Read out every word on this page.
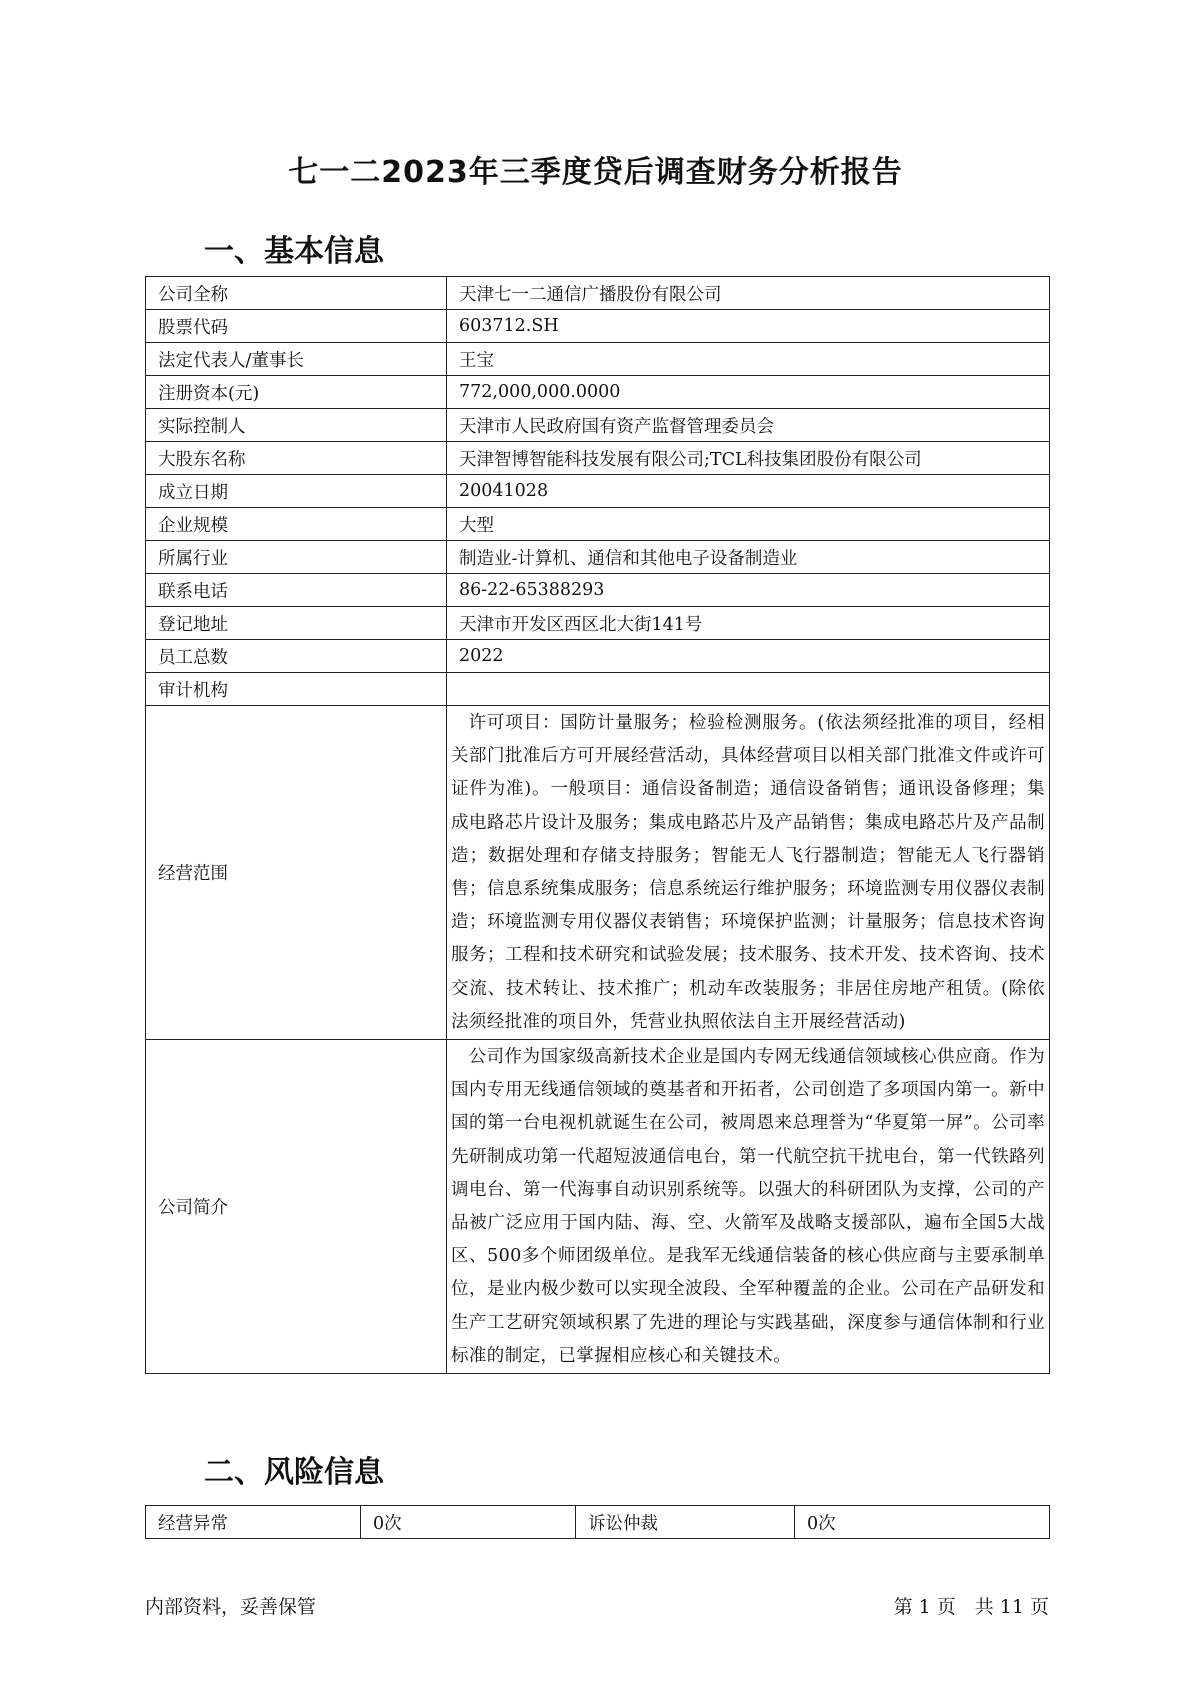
七一二2023年三季度贷后调查财务分析报告
一、基本信息
公司全称	天津七一二通信广播股份有限公司
股票代码	603712.SH
法定代表人/董事长	王宝
注册资本(元)	772,000,000.0000
实际控制人	天津市人民政府国有资产监督管理委员会
大股东名称	天津智博智能科技发展有限公司;TCL科技集团股份有限公司
成立日期	20041028
企业规模	大型
所属行业	制造业-计算机、通信和其他电子设备制造业
联系电话	86-22-65388293
登记地址	天津市开发区西区北大街141号
员工总数	2022
审计机构	
经营范围	许可项目：国防计量服务；检验检测服务。(依法须经批准的项目，经相关部门批准后方可开展经营活动，具体经营项目以相关部门批准文件或许可证件为准)。一般项目：通信设备制造；通信设备销售；通讯设备修理；集成电路芯片设计及服务；集成电路芯片及产品销售；集成电路芯片及产品制造；数据处理和存储支持服务；智能无人飞行器制造；智能无人飞行器销售；信息系统集成服务；信息系统运行维护服务；环境监测专用仪器仪表制造；环境监测专用仪器仪表销售；环境保护监测；计量服务；信息技术咨询服务；工程和技术研究和试验发展；技术服务、技术开发、技术咨询、技术交流、技术转让、技术推广；机动车改装服务；非居住房地产租赁。(除依法须经批准的项目外，凭营业执照依法自主开展经营活动)

公司简介	公司作为国家级高新技术企业是国内专网无线通信领域核心供应商。作为国内专用无线通信领域的奠基者和开拓者，公司创造了多项国内第一。新中国的第一台电视机就诞生在公司，被周恩来总理誉为“华夏第一屏”。公司率先研制成功第一代超短波通信电台，第一代航空抗干扰电台，第一代铁路列调电台、第一代海事自动识别系统等。以强大的科研团队为支撑，公司的产品被广泛应用于国内陆、海、空、火箭军及战略支援部队，遍布全国5大战区、500多个师团级单位。是我军无线通信装备的核心供应商与主要承制单位，是业内极少数可以实现全波段、全军种覆盖的企业。公司在产品研发和生产工艺研究领域积累了先进的理论与实践基础，深度参与通信体制和行业标准的制定，已掌握相应核心和关键技术。
二、风险信息
经营异常	0次	诉讼仲裁	0次
内部资料，妥善保管	第 1 页　共 11 页
